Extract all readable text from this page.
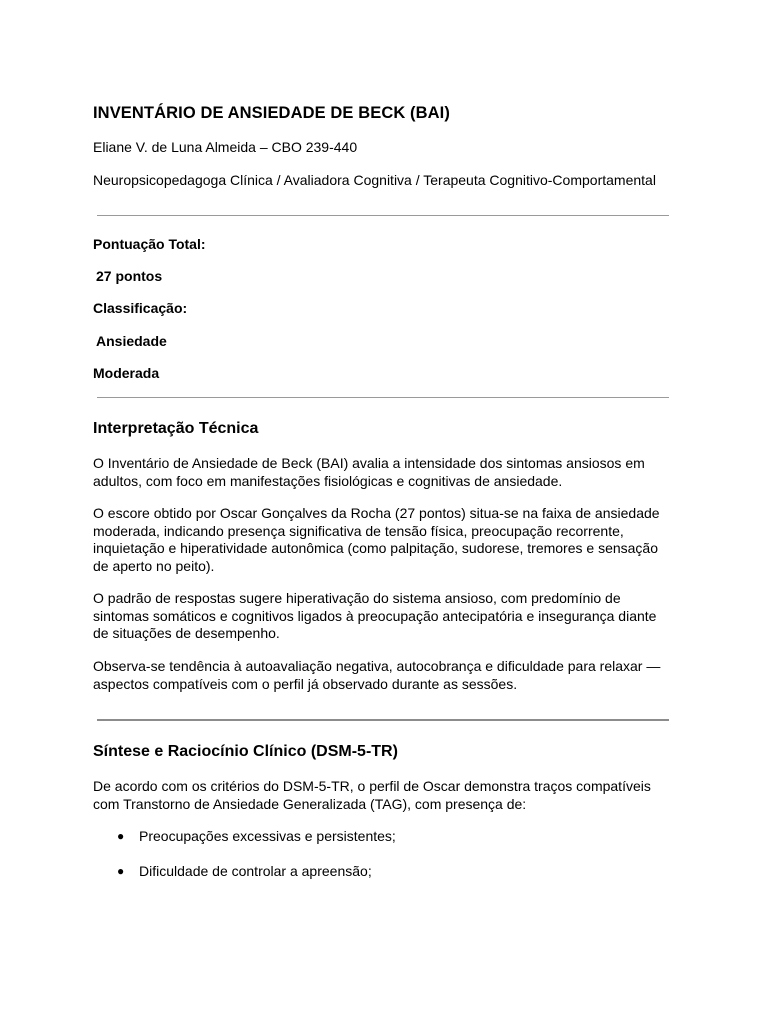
INVENTÁRIO DE ANSIEDADE DE BECK (BAI)
Eliane V. de Luna Almeida – CBO 239-440
Neuropsicopedagoga Clínica / Avaliadora Cognitiva / Terapeuta Cognitivo-Comportamental
Pontuação Total:
27 pontos
Classificação:
Ansiedade
Moderada
Interpretação Técnica

O Inventário de Ansiedade de Beck (BAI) avalia a intensidade dos sintomas ansiosos em adultos, com foco em manifestações fisiológicas e cognitivas de ansiedade.

O escore obtido por Oscar Gonçalves da Rocha (27 pontos) situa-se na faixa de ansiedade moderada, indicando presença significativa de tensão física, preocupação recorrente, inquietação e hiperatividade autonômica (como palpitação, sudorese, tremores e sensação de aperto no peito).

O padrão de respostas sugere hiperativação do sistema ansioso, com predomínio de sintomas somáticos e cognitivos ligados à preocupação antecipatória e insegurança diante de situações de desempenho.

Observa-se tendência à autoavaliação negativa, autocobrança e dificuldade para relaxar — aspectos compatíveis com o perfil já observado durante as sessões.

Síntese e Raciocínio Clínico (DSM-5-TR)

De acordo com os critérios do DSM-5-TR, o perfil de Oscar demonstra traços compatíveis com Transtorno de Ansiedade Generalizada (TAG), com presença de:

● Preocupações excessivas e persistentes;
● Dificuldade de controlar a apreensão;
